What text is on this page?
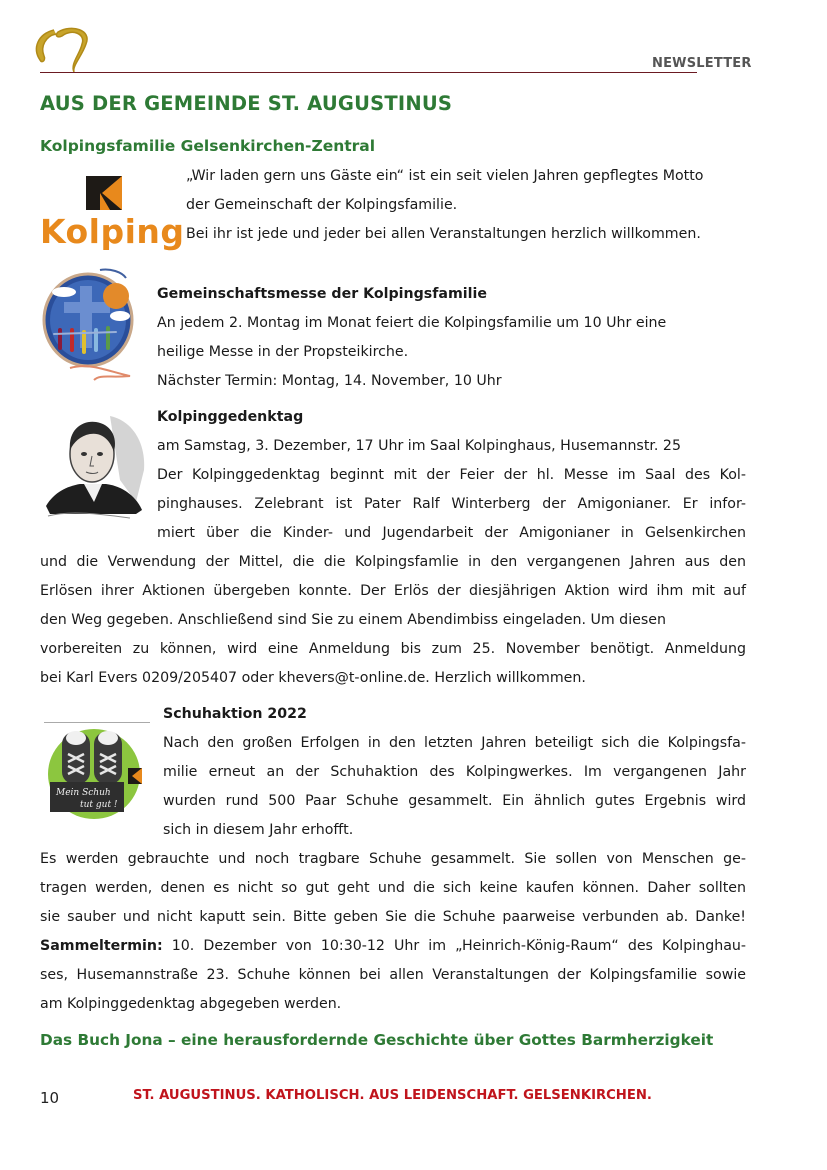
NEWSLETTER
AUS DER GEMEINDE ST. AUGUSTINUS
Kolpingsfamilie Gelsenkirchen-Zentral
Kolping
„Wir laden gern uns Gäste ein“ ist ein seit vielen Jahren gepflegtes Motto
der Gemeinschaft der Kolpingsfamilie.
Bei ihr ist jede und jeder bei allen Veranstaltungen herzlich willkommen.
Gemeinschaftsmesse der Kolpingsfamilie
An jedem 2. Montag im Monat feiert die Kolpingsfamilie um 10 Uhr eine
heilige Messe in der Propsteikirche.
Nächster Termin: Montag, 14. November, 10 Uhr
Kolpinggedenktag
am Samstag, 3. Dezember, 17 Uhr im Saal Kolpinghaus, Husemannstr. 25
Der Kolpinggedenktag beginnt mit der Feier der hl. Messe im Saal des Kol-
pinghauses. Zelebrant ist Pater Ralf Winterberg der Amigonianer. Er infor-
miert über die Kinder- und Jugendarbeit der Amigonianer in Gelsenkirchen
und die Verwendung der Mittel, die die Kolpingsfamlie in den vergangenen Jahren aus den
Erlösen ihrer Aktionen übergeben konnte. Der Erlös der diesjährigen Aktion wird ihm mit auf
den Weg gegeben. Anschließend sind Sie zu einem Abendimbiss eingeladen. Um diesen
vorbereiten zu können, wird eine Anmeldung bis zum 25. November benötigt. Anmeldung
bei Karl Evers 0209/205407 oder khevers@t-online.de. Herzlich willkommen.
Mein Schuh
tut gut !
Schuhaktion 2022
Nach den großen Erfolgen in den letzten Jahren beteiligt sich die Kolpingsfa-
milie erneut an der Schuhaktion des Kolpingwerkes. Im vergangenen Jahr
wurden rund 500 Paar Schuhe gesammelt. Ein ähnlich gutes Ergebnis wird
sich in diesem Jahr erhofft.
Es werden gebrauchte und noch tragbare Schuhe gesammelt. Sie sollen von Menschen ge-
tragen werden, denen es nicht so gut geht und die sich keine kaufen können. Daher sollten
sie sauber und nicht kaputt sein. Bitte geben Sie die Schuhe paarweise verbunden ab. Danke!
Sammeltermin: 10. Dezember von 10:30-12 Uhr im „Heinrich-König-Raum“ des Kolpinghau-
ses, Husemannstraße 23. Schuhe können bei allen Veranstaltungen der Kolpingsfamilie sowie
am Kolpinggedenktag abgegeben werden.
Das Buch Jona – eine herausfordernde Geschichte über Gottes Barmherzigkeit
10	ST. AUGUSTINUS. KATHOLISCH. AUS LEIDENSCHAFT. GELSENKIRCHEN.
